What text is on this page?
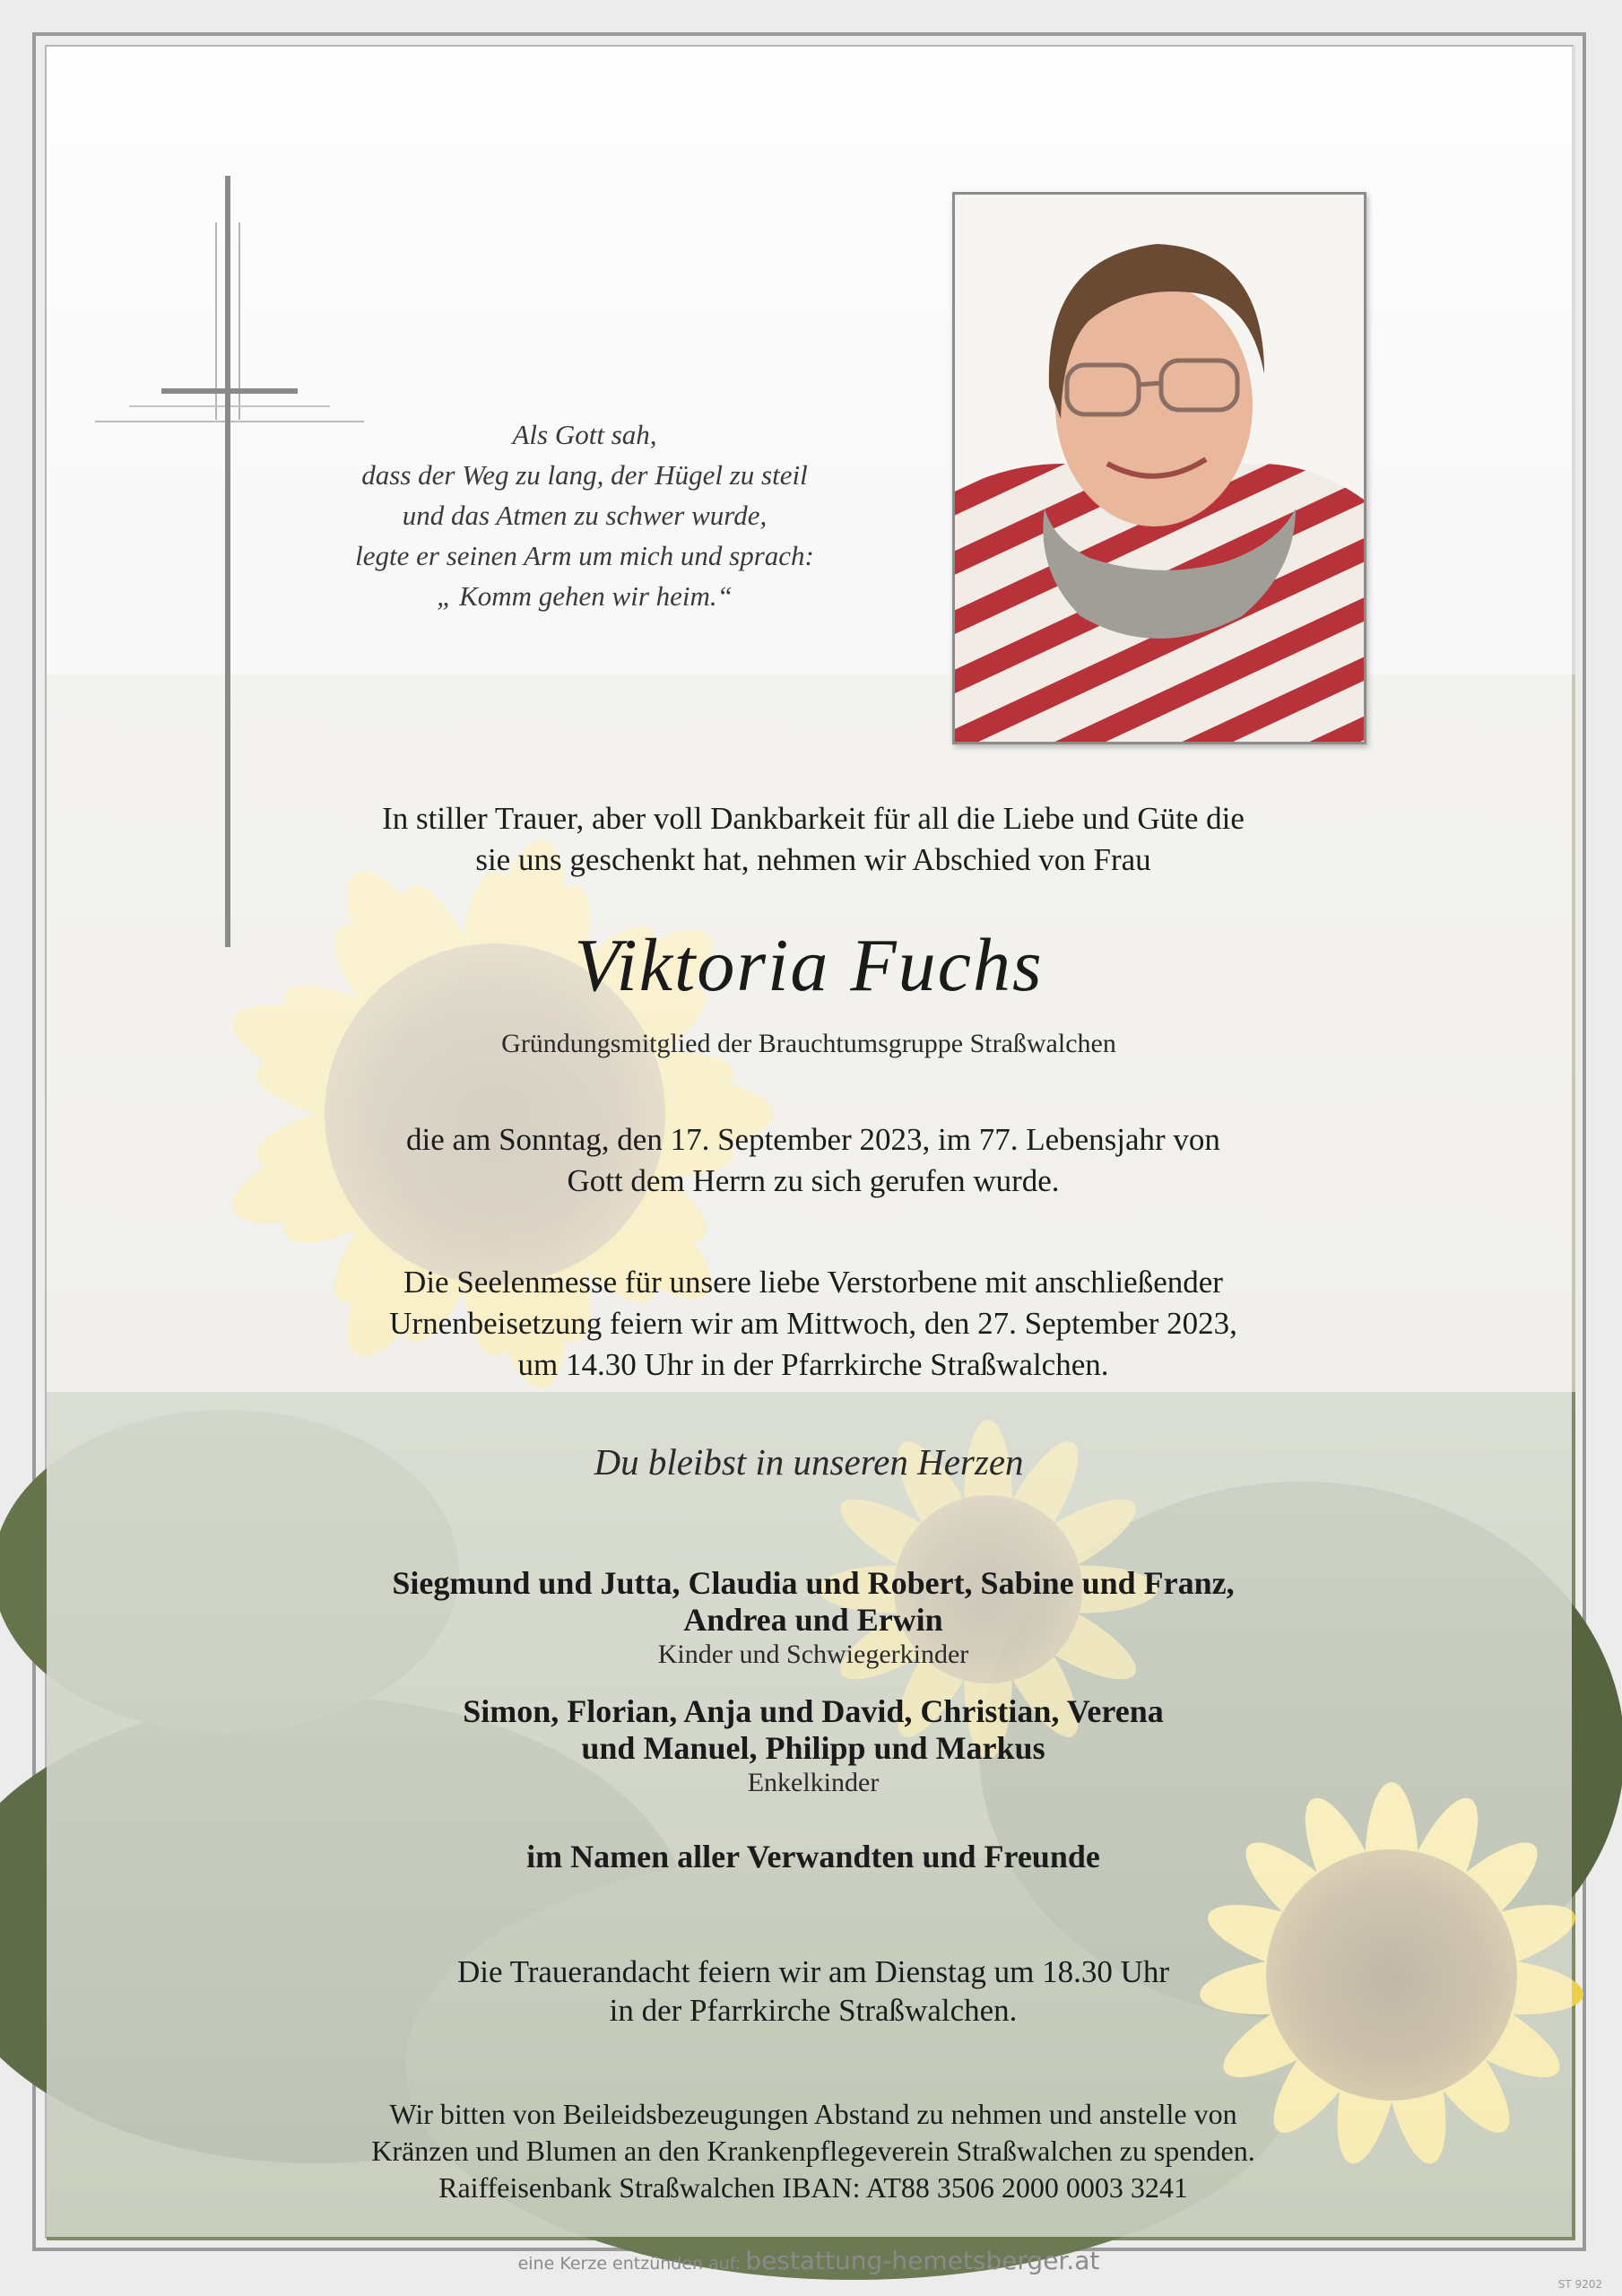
Als Gott sah,
dass der Weg zu lang, der Hügel zu steil
und das Atmen zu schwer wurde,
legte er seinen Arm um mich und sprach:
„ Komm gehen wir heim.“
In stiller Trauer, aber voll Dankbarkeit für all die Liebe und Güte die
sie uns geschenkt hat, nehmen wir Abschied von Frau
Viktoria Fuchs
Gründungsmitglied der Brauchtumsgruppe Straßwalchen
die am Sonntag, den 17. September 2023, im 77. Lebensjahr von
Gott dem Herrn zu sich gerufen wurde.
Die Seelenmesse für unsere liebe Verstorbene mit anschließender
Urnenbeisetzung feiern wir am Mittwoch, den 27. September 2023,
um 14.30 Uhr in der Pfarrkirche Straßwalchen.
Du bleibst in unseren Herzen
Siegmund und Jutta, Claudia und Robert, Sabine und Franz,
Andrea und Erwin
Kinder und Schwiegerkinder
Simon, Florian, Anja und David, Christian, Verena
und Manuel, Philipp und Markus
Enkelkinder
im Namen aller Verwandten und Freunde
Die Trauerandacht feiern wir am Dienstag um 18.30 Uhr
in der Pfarrkirche Straßwalchen.
Wir bitten von Beileidsbezeugungen Abstand zu nehmen und anstelle von
Kränzen und Blumen an den Krankenpflegeverein Straßwalchen zu spenden.
Raiffeisenbank Straßwalchen IBAN: AT88 3506 2000 0003 3241
eine Kerze entzünden auf: bestattung-hemetsberger.at
ST 9202
